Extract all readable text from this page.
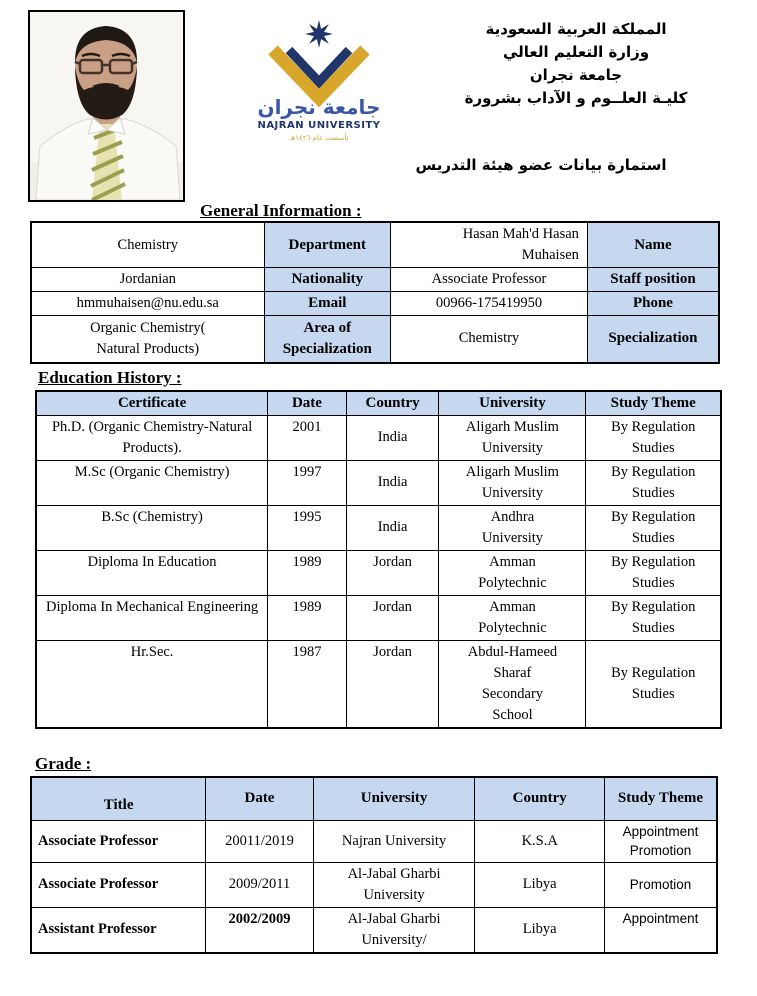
جامعة نجران
NAJRAN UNIVERSITY
تأسست عام ١٤٢٦هـ
المملكة العربية السعودية
وزارة التعليم العالي
جامعة نجران
كليـة العلــوم و الآداب بشرورة
استمارة بيانات عضو هيئة التدريس
General Information :
Chemistry	Department	Hasan Mah'd Hasan Muhaisen	Name
Jordanian	Nationality	Associate Professor	Staff position
hmmuhaisen@nu.edu.sa	Email	00966-175419950	Phone
Organic Chemistry( Natural Products)	Area of Specialization	Chemistry	Specialization
Education History :
Certificate	Date	Country	University	Study Theme
Ph.D. (Organic Chemistry-Natural Products).	2001	India	Aligarh Muslim University	By Regulation Studies
M.Sc (Organic Chemistry)	1997	India	Aligarh Muslim University	By Regulation Studies
B.Sc (Chemistry)	1995	India	Andhra University	By Regulation Studies
Diploma In Education	1989	Jordan	Amman Polytechnic	By Regulation Studies
Diploma In Mechanical Engineering	1989	Jordan	Amman Polytechnic	By Regulation Studies
Hr.Sec.	1987	Jordan	Abdul-Hameed Sharaf Secondary School	By Regulation Studies
Grade :
Title	Date	University	Country	Study Theme
Associate Professor	20011/2019	Najran University	K.S.A	Appointment Promotion
Associate Professor	2009/2011	Al-Jabal Gharbi University	Libya	Promotion
Assistant Professor	2002/2009	Al-Jabal Gharbi University/	Libya	Appointment
